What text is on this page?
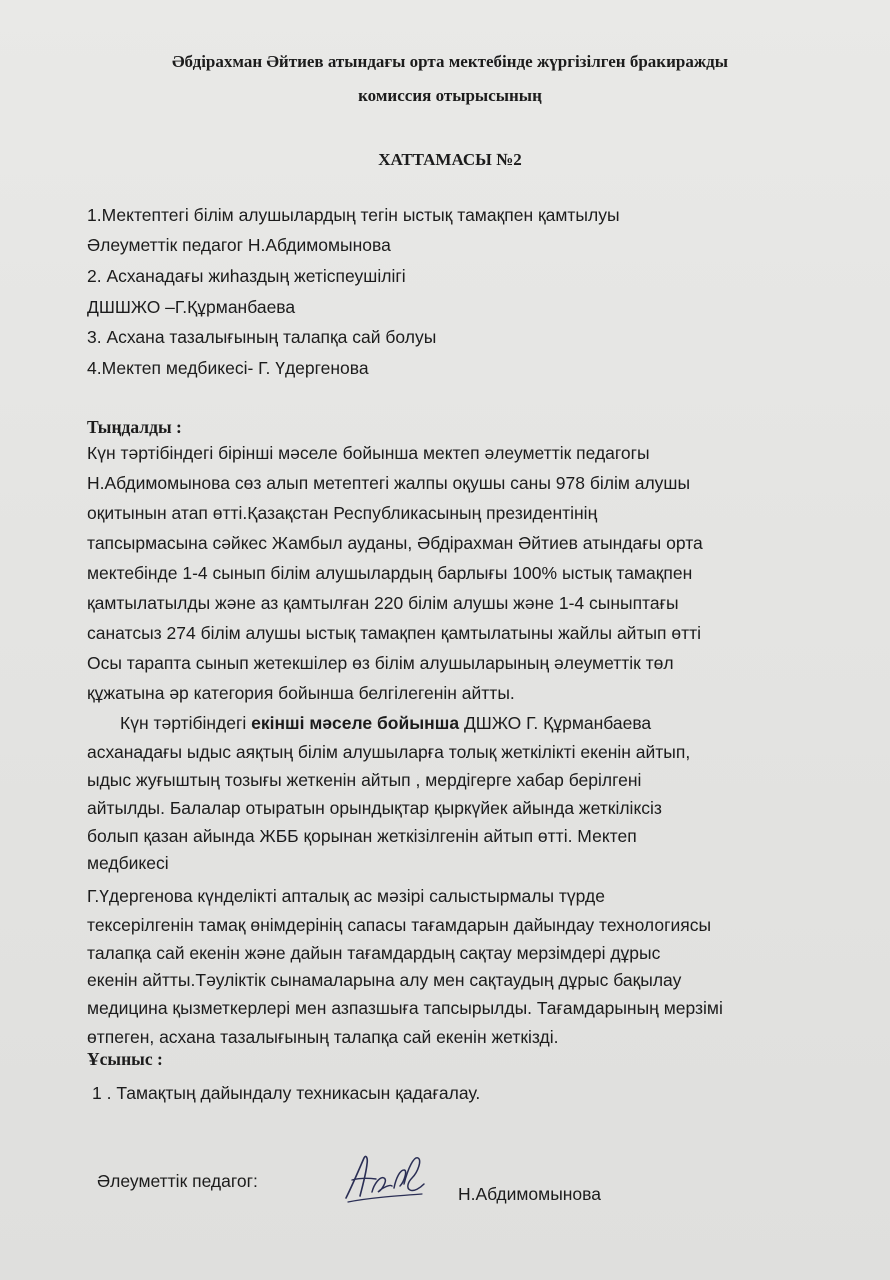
Әбдірахман Әйтиев атындағы орта мектебінде жүргізілген бракиражды
комиссия отырысының
ХАТТАМАСЫ №2
1.Мектептегі білім алушылардың тегін ыстық тамақпен қамтылуы
Әлеуметтік педагог Н.Абдимомынова
2. Асханадағы жиһаздың жетіспеушілігі
ДШШЖО –Г.Құрманбаева
3. Асхана тазалығының талапқа сай болуы
4.Мектеп медбикесі- Г. Үдергенова
Тыңдалды :
Күн тәртібіндегі бірінші мәселе бойынша мектеп әлеуметтік педагогы
Н.Абдимомынова сөз алып метептегі жалпы оқушы саны 978 білім алушы
оқитынын атап өтті.Қазақстан Республикасының президентінің
тапсырмасына сәйкес Жамбыл ауданы, Әбдірахман Әйтиев атындағы орта
мектебінде 1-4 сынып білім алушылардың барлығы 100% ыстық тамақпен
қамтылатылды және аз қамтылған 220 білім алушы және 1-4 сыныптағы
санатсыз 274 білім алушы ыстық тамақпен қамтылатыны жайлы айтып өтті
Осы тарапта сынып жетекшілер өз білім алушыларының әлеуметтік төл
құжатына әр категория бойынша белгілегенін айтты.
Күн тәртібіндегі екінші мәселе бойынша ДШЖО Г. Құрманбаева
асханадағы ыдыс аяқтың білім алушыларға толық жеткілікті екенін айтып,
ыдыс жуғыштың тозығы жеткенін айтып , мердігерге хабар берілгені
айтылды. Балалар отыратын орындықтар қыркүйек айында жеткіліксіз
болып қазан айында ЖББ қорынан жеткізілгенін айтып өтті. Мектеп
медбикесі
Г.Үдергенова күнделікті апталық ас мәзірі салыстырмалы түрде
тексерілгенін тамақ өнімдерінің сапасы тағамдарын дайындау технологиясы
талапқа сай екенін және дайын тағамдардың сақтау мерзімдері дұрыс
екенін айтты.Тәуліктік сынамаларына алу мен сақтаудың дұрыс бақылау
медицина қызметкерлері мен азпазшыға тапсырылды. Тағамдарының мерзімі
өтпеген, асхана тазалығының талапқа сай екенін жеткізді.
Ұсыныс :
1 . Тамақтың дайындалу техникасын қадағалау.
Әлеуметтік педагог:
Н.Абдимомынова
